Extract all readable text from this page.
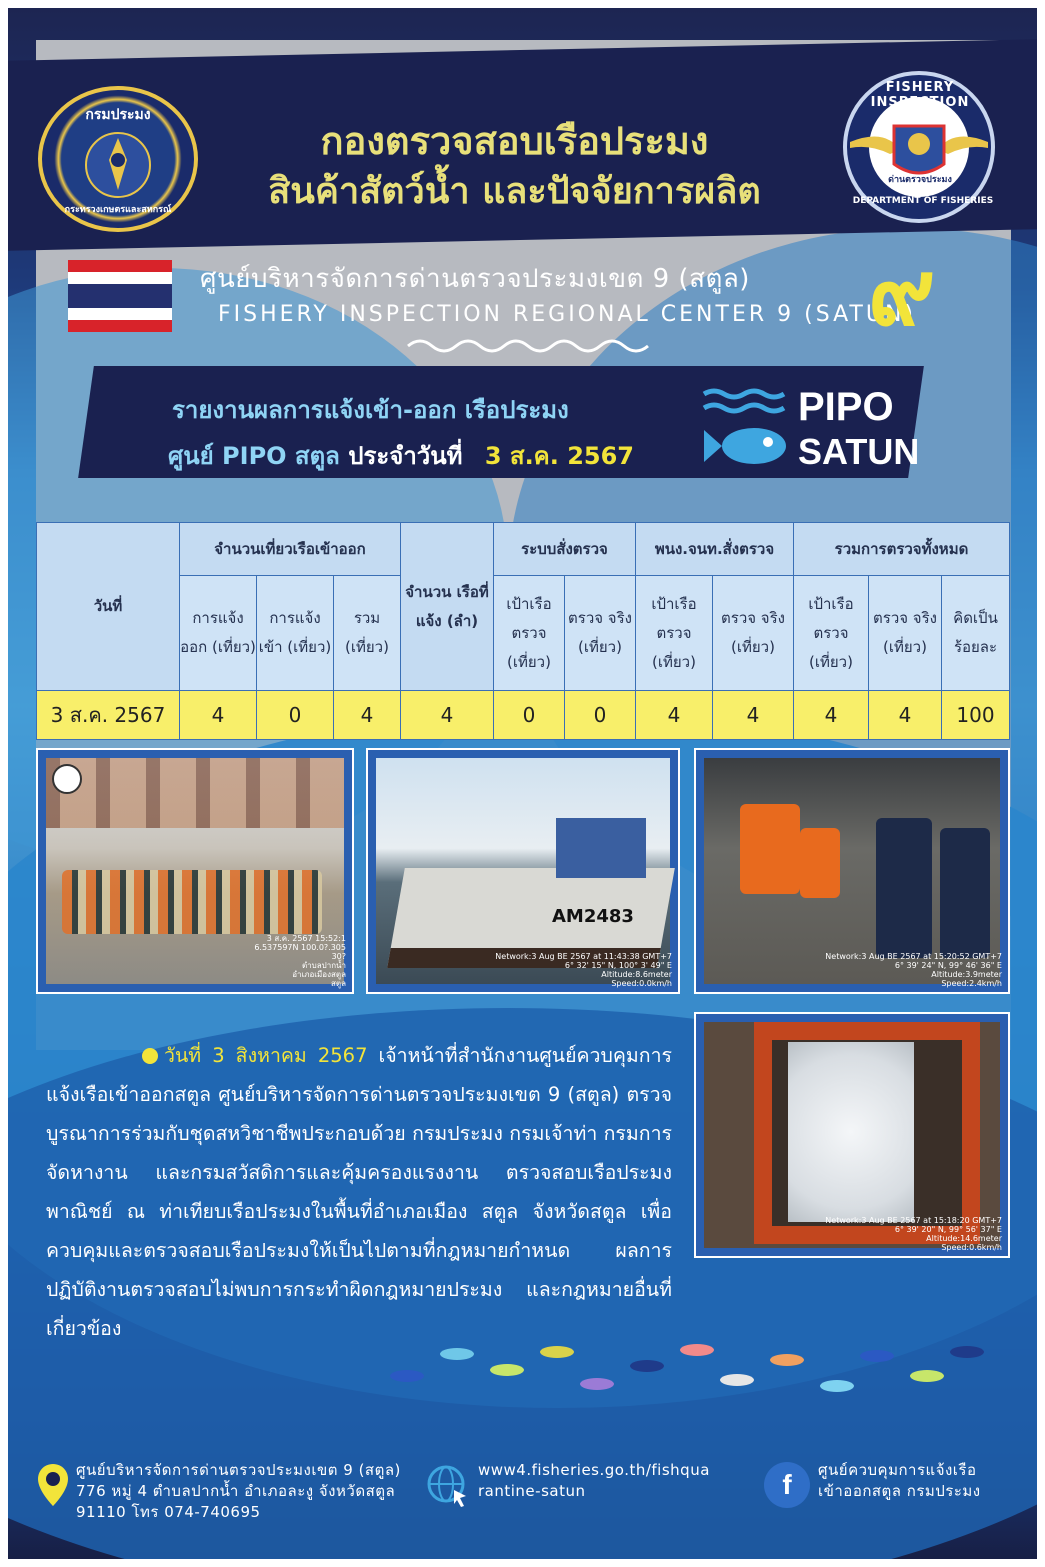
กรมประมง
กระทรวงเกษตรและสหกรณ์
กองตรวจสอบเรือประมง
สินค้าสัตว์น้ำ และปัจจัยการผลิต
FISHERY INSPECTION
ด่านตรวจประมง
DEPARTMENT OF FISHERIES
ศูนย์บริหารจัดการด่านตรวจประมงเขต 9 (สตูล)
FISHERY INSPECTION REGIONAL CENTER 9 (SATUN)
๙
รายงานผลการแจ้งเข้า-ออก เรือประมง
ศูนย์ PIPO สตูล ประจำวันที่ 3 ส.ค. 2567
PIPO
SATUN
วันที่	จำนวนเที่ยวเรือเข้าออก			จำนวน เรือที่ แจ้ง (ลำ)	ระบบสั่งตรวจ		พนง.จนท.สั่งตรวจ		รวมการตรวจทั้งหมด		
	การแจ้ง ออก (เที่ยว)	การแจ้ง เข้า (เที่ยว)	รวม (เที่ยว)		เป้าเรือ ตรวจ (เที่ยว)	ตรวจ จริง (เที่ยว)	เป้าเรือ ตรวจ (เที่ยว)	ตรวจ จริง (เที่ยว)	เป้าเรือ ตรวจ (เที่ยว)	ตรวจ จริง (เที่ยว)	คิดเป็น ร้อยละ
3 ส.ค. 2567	4	0	4	4	0	0	4	4	4	4	100
3 ส.ค. 2567 15:52:1
6.537597N 100.0?.305
30?
ตำบลปากน้ำ
อำเภอเมืองสตูล
สตูล
AM2483
Network:3 Aug BE 2567 at 11:43:38 GMT+7
6° 32' 15" N, 100° 3' 49" E
Altitude:8.6meter
Speed:0.0km/h
Network:3 Aug BE 2567 at 15:20:52 GMT+7
6° 39' 24" N, 99° 46' 36" E
Altitude:3.9meter
Speed:2.4km/h
Network:3 Aug BE 2567 at 15:18:20 GMT+7
6° 39' 20" N, 99° 56' 37" E
Altitude:14.6meter
Speed:0.6km/h
วันที่ 3 สิงหาคม 2567 เจ้าหน้าที่สำนักงานศูนย์ควบคุมการแจ้งเรือเข้าออกสตูล ศูนย์บริหารจัดการด่านตรวจประมงเขต 9 (สตูล) ตรวจบูรณาการร่วมกับชุดสหวิชาชีพประกอบด้วย กรมประมง กรมเจ้าท่า กรมการจัดหางาน และกรมสวัสดิการและคุ้มครองแรงงาน ตรวจสอบเรือประมงพาณิชย์ ณ ท่าเทียบเรือประมงในพื้นที่อำเภอเมือง สตูล จังหวัดสตูล เพื่อควบคุมและตรวจสอบเรือประมงให้เป็นไปตามที่กฎหมายกำหนด ผลการปฏิบัติงานตรวจสอบไม่พบการกระทำผิดกฎหมายประมง และกฎหมายอื่นที่เกี่ยวข้อง
ศูนย์บริหารจัดการด่านตรวจประมงเขต 9 (สตูล)
776 หมู่ 4 ตำบลปากน้ำ อำเภอละงู จังหวัดสตูล
91110 โทร 074-740695
www4.fisheries.go.th/fishqua
rantine-satun	f ศูนย์ควบคุมการแจ้งเรือ
เข้าออกสตูล กรมประมง
